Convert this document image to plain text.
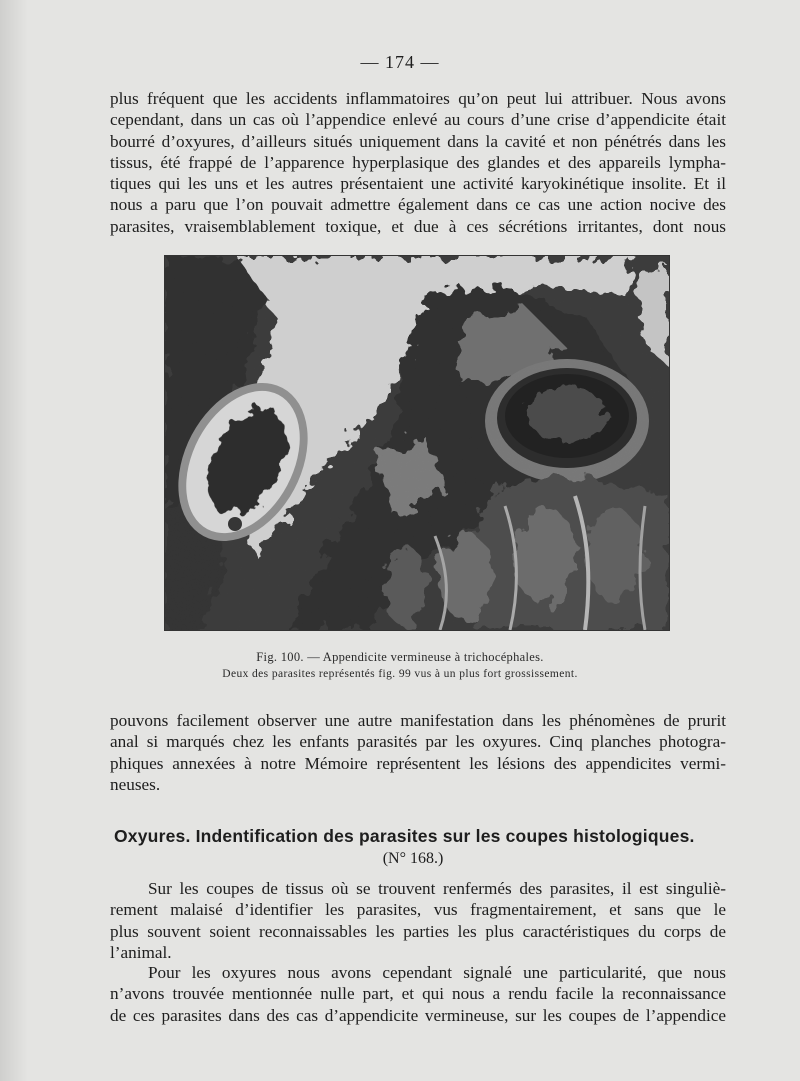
— 174 —
plus fréquent que les accidents inflammatoires qu’on peut lui attribuer. Nous avons
cependant, dans un cas où l’appendice enlevé au cours d’une crise d’appendicite était
bourré d’oxyures, d’ailleurs situés uniquement dans la cavité et non pénétrés dans les
tissus, été frappé de l’apparence hyperplasique des glandes et des appareils lympha-
tiques qui les uns et les autres présentaient une activité karyokinétique insolite. Et il
nous a paru que l’on pouvait admettre également dans ce cas une action nocive des
parasites, vraisemblablement toxique, et due à ces sécrétions irritantes, dont nous
Fig. 100. — Appendicite vermineuse à trichocéphales.
Deux des parasites représentés fig. 99 vus à un plus fort grossissement.
pouvons facilement observer une autre manifestation dans les phénomènes de prurit
anal si marqués chez les enfants parasités par les oxyures. Cinq planches photogra-
phiques annexées à notre Mémoire représentent les lésions des appendicites vermi-
neuses.
Oxyures. Indentification des parasites sur les coupes histologiques.
(N° 168.)
Sur les coupes de tissus où se trouvent renfermés des parasites, il est singuliè-
rement malaisé d’identifier les parasites, vus fragmentairement, et sans que le
plus souvent soient reconnaissables les parties les plus caractéristiques du corps de
l’animal.
Pour les oxyures nous avons cependant signalé une particularité, que nous
n’avons trouvée mentionnée nulle part, et qui nous a rendu facile la reconnaissance
de ces parasites dans des cas d’appendicite vermineuse, sur les coupes de l’appendice
